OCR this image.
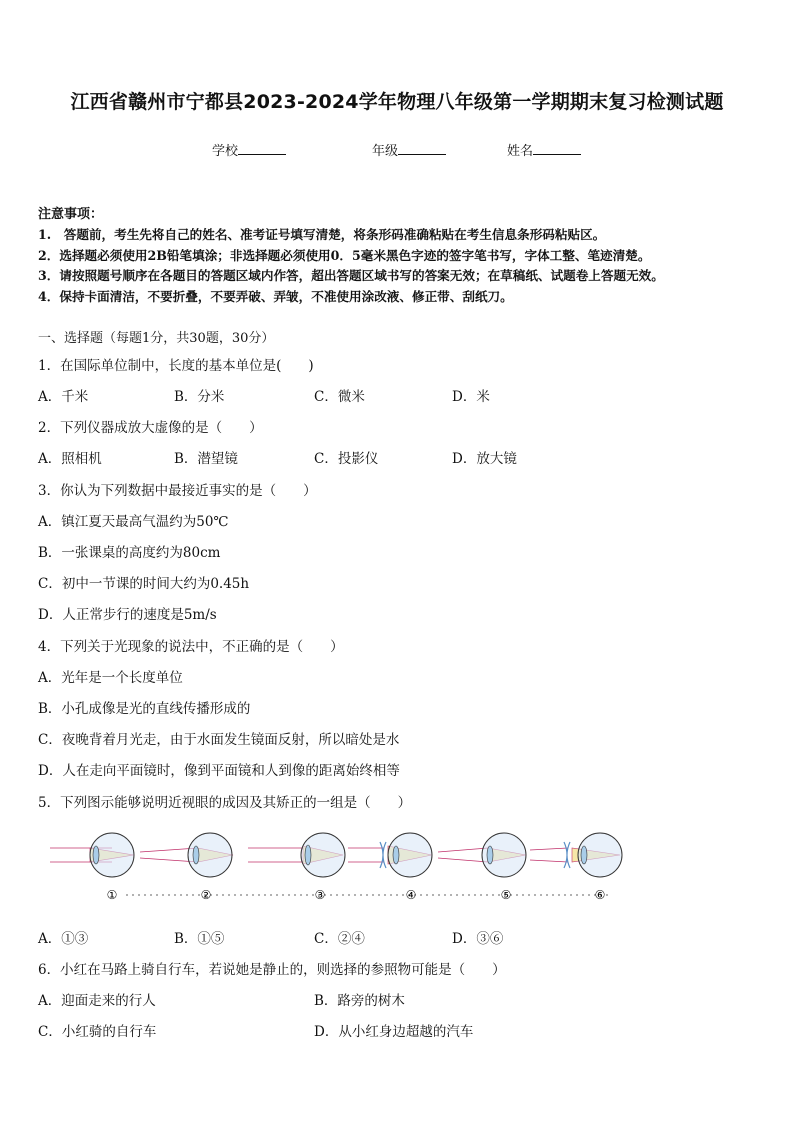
江西省赣州市宁都县2023-2024学年物理八年级第一学期期末复习检测试题
学校	年级	姓名
注意事项：
1.　答题前，考生先将自己的姓名、准考证号填写清楚，将条形码准确粘贴在考生信息条形码粘贴区。
2．选择题必须使用2B铅笔填涂；非选择题必须使用0．5毫米黑色字迹的签字笔书写，字体工整、笔迹清楚。
3．请按照题号顺序在各题目的答题区域内作答，超出答题区域书写的答案无效；在草稿纸、试题卷上答题无效。
4．保持卡面清洁，不要折叠，不要弄破、弄皱，不准使用涂改液、修正带、刮纸刀。
一、选择题（每题1分，共30题，30分）
1．在国际单位制中，长度的基本单位是(　　)
A．千米	B．分米	C．微米	D．米
2．下列仪器成放大虚像的是（　　）
A．照相机	B．潜望镜	C．投影仪	D．放大镜
3．你认为下列数据中最接近事实的是（　　）
A．镇江夏天最高气温约为50℃
B．一张课桌的高度约为80cm
C．初中一节课的时间大约为0.45h
D．人正常步行的速度是5m/s
4．下列关于光现象的说法中，不正确的是（　　）
A．光年是一个长度单位
B．小孔成像是光的直线传播形成的
C．夜晚背着月光走，由于水面发生镜面反射，所以暗处是水
D．人在走向平面镜时，像到平面镜和人到像的距离始终相等
5．下列图示能够说明近视眼的成因及其矫正的一组是（　　）
①	②	③	④	⑤	⑥
A．①③	B．①⑤	C．②④	D．③⑥
6．小红在马路上骑自行车，若说她是静止的，则选择的参照物可能是（　　）
A．迎面走来的行人	B．路旁的树木
C．小红骑的自行车	D．从小红身边超越的汽车
